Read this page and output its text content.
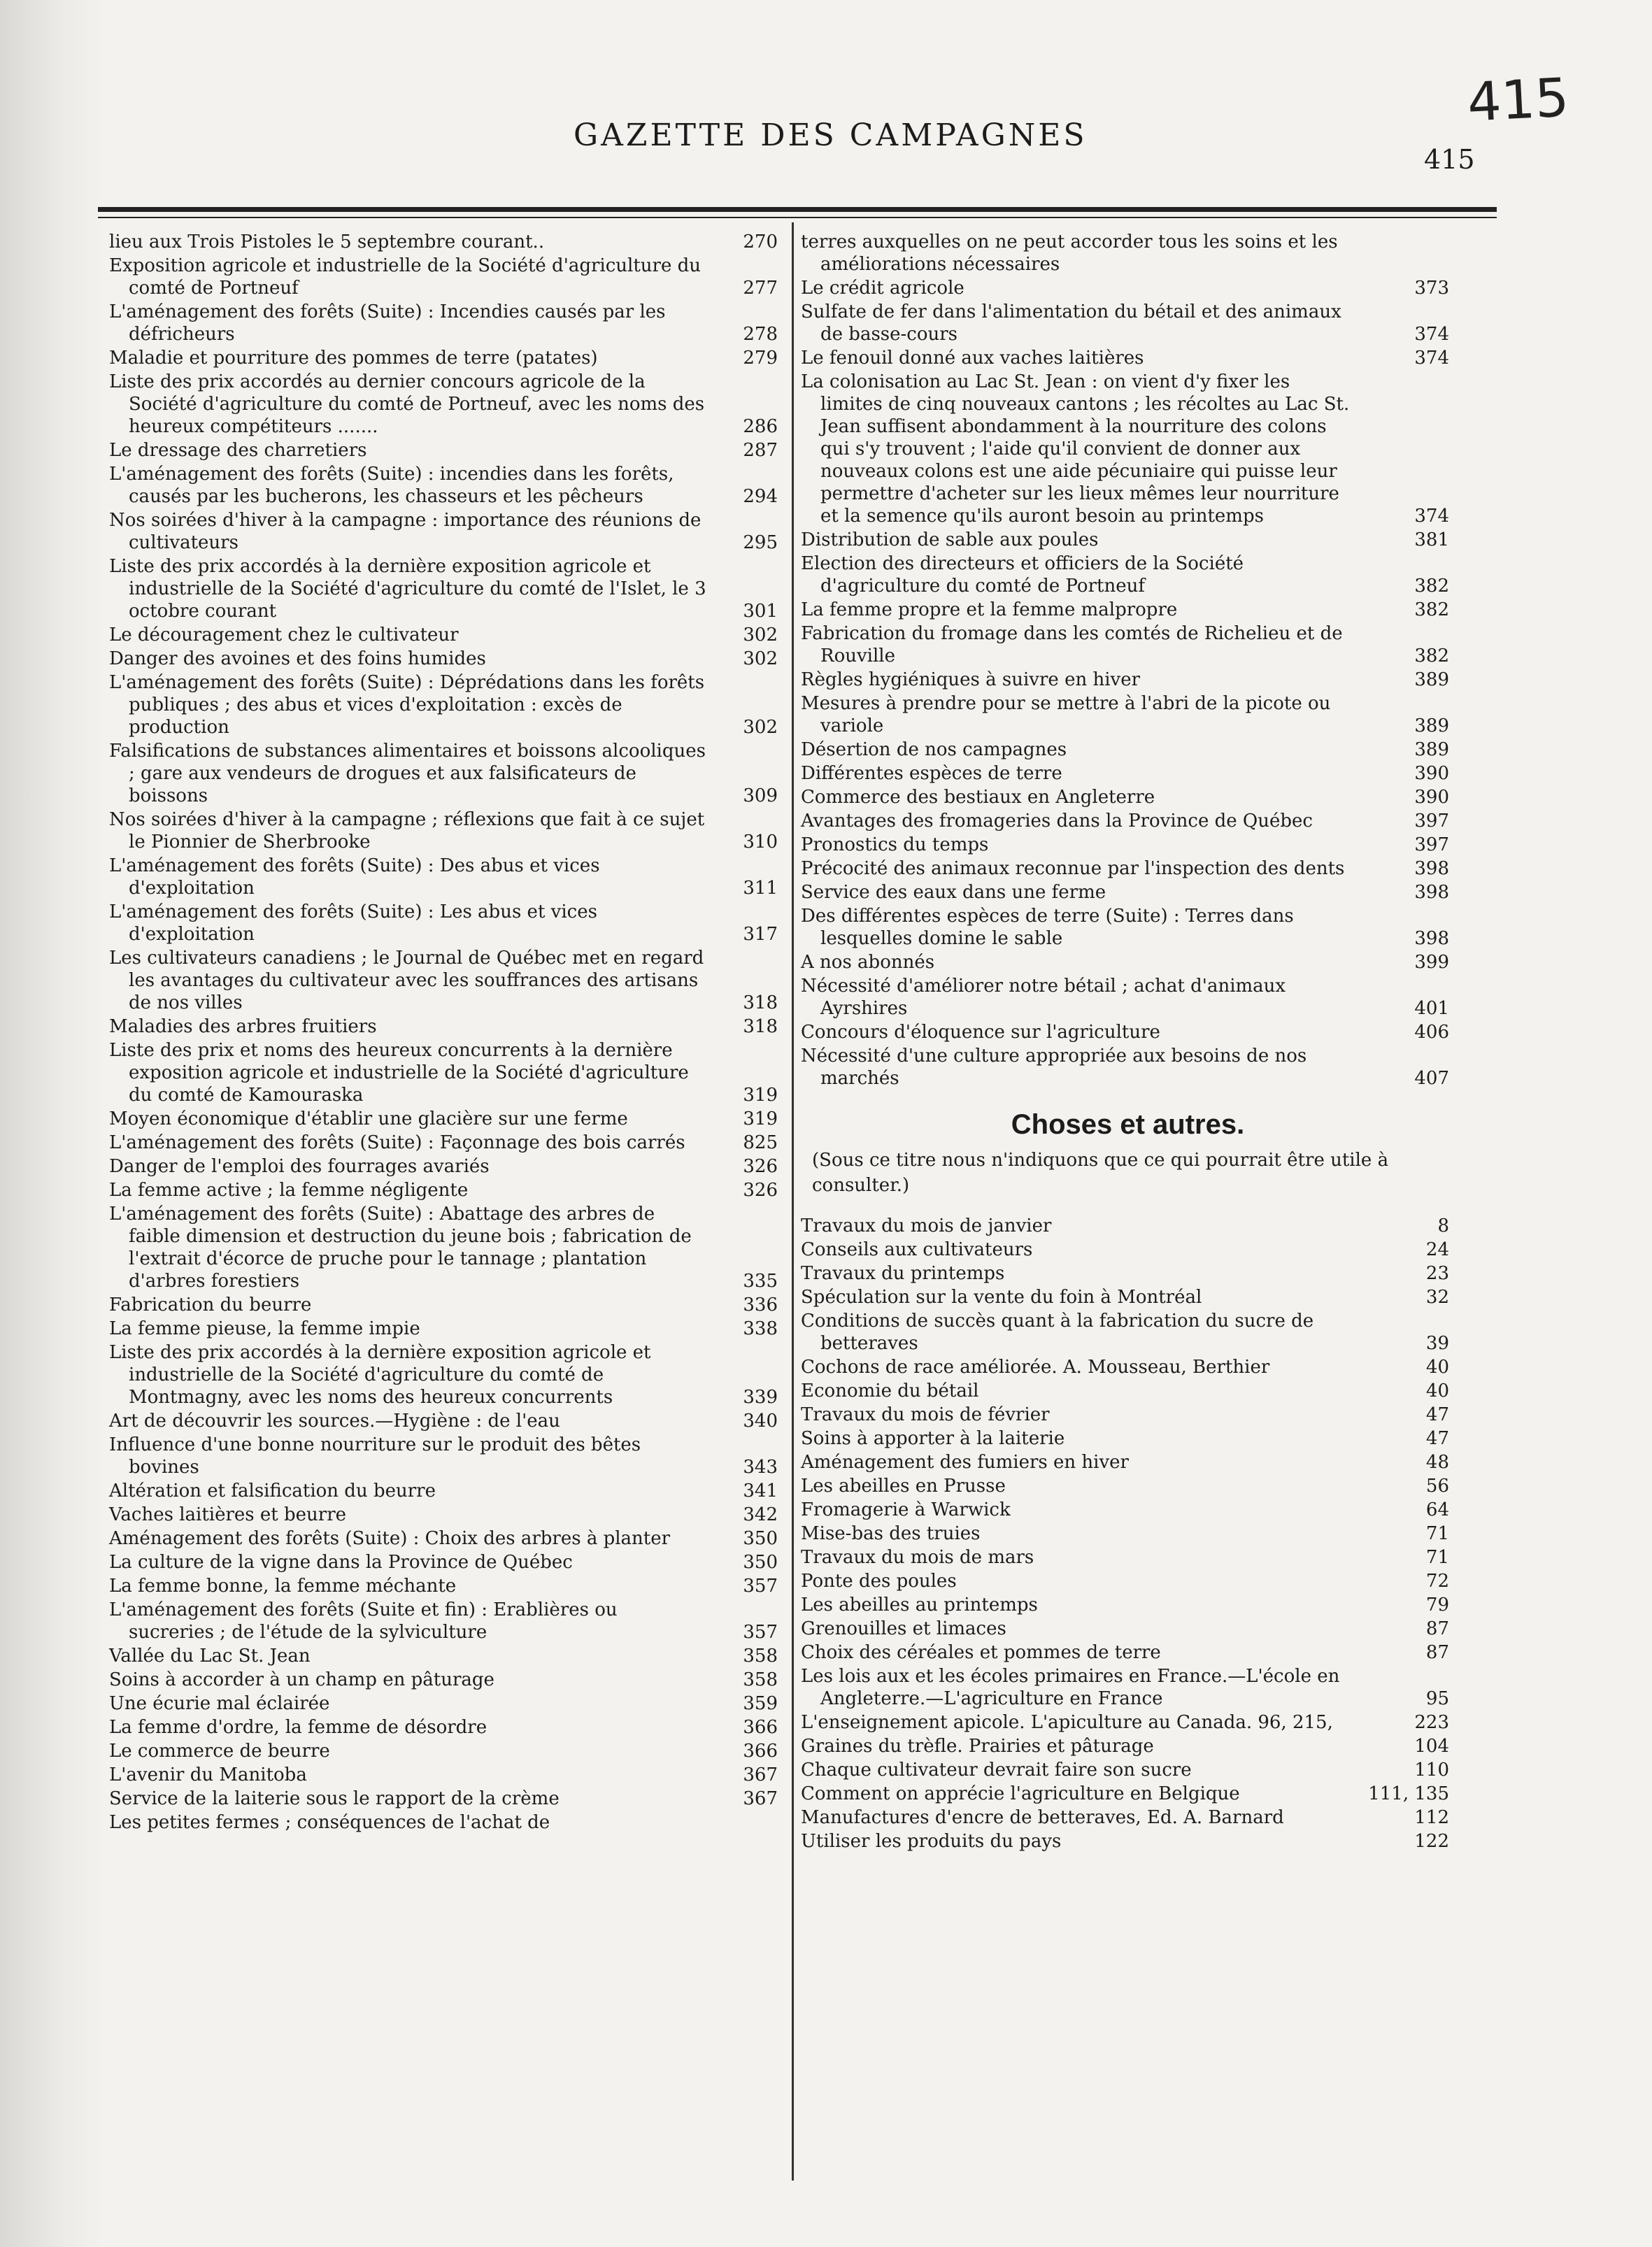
415
GAZETTE DES CAMPAGNES
415
lieu aux Trois Pistoles le 5 septembre courant..	270
Exposition agricole et industrielle de la Société d'agriculture du comté de Portneuf	277
L'aménagement des forêts (Suite) : Incendies causés par les défricheurs	278
Maladie et pourriture des pommes de terre (patates)	279
Liste des prix accordés au dernier concours agricole de la Société d'agriculture du comté de Portneuf, avec les noms des heureux compétiteurs .......	286
Le dressage des charretiers	287
L'aménagement des forêts (Suite) : incendies dans les forêts, causés par les bucherons, les chasseurs et les pêcheurs	294
Nos soirées d'hiver à la campagne : importance des réunions de cultivateurs	295
Liste des prix accordés à la dernière exposition agricole et industrielle de la Société d'agriculture du comté de l'Islet, le 3 octobre courant	301
Le découragement chez le cultivateur	302
Danger des avoines et des foins humides	302
L'aménagement des forêts (Suite) : Déprédations dans les forêts publiques ; des abus et vices d'exploitation : excès de production	302
Falsifications de substances alimentaires et boissons alcooliques ; gare aux vendeurs de drogues et aux falsificateurs de boissons	309
Nos soirées d'hiver à la campagne ; réflexions que fait à ce sujet le Pionnier de Sherbrooke	310
L'aménagement des forêts (Suite) : Des abus et vices d'exploitation	311
L'aménagement des forêts (Suite) : Les abus et vices d'exploitation	317
Les cultivateurs canadiens ; le Journal de Québec met en regard les avantages du cultivateur avec les souffrances des artisans de nos villes	318
Maladies des arbres fruitiers	318
Liste des prix et noms des heureux concurrents à la dernière exposition agricole et industrielle de la Société d'agriculture du comté de Kamouraska	319
Moyen économique d'établir une glacière sur une ferme	319
L'aménagement des forêts (Suite) : Façonnage des bois carrés	825
Danger de l'emploi des fourrages avariés	326
La femme active ; la femme négligente	326
L'aménagement des forêts (Suite) : Abattage des arbres de faible dimension et destruction du jeune bois ; fabrication de l'extrait d'écorce de pruche pour le tannage ; plantation d'arbres forestiers	335
Fabrication du beurre	336
La femme pieuse, la femme impie	338
Liste des prix accordés à la dernière exposition agricole et industrielle de la Société d'agriculture du comté de Montmagny, avec les noms des heureux concurrents	339
Art de découvrir les sources.—Hygiène : de l'eau	340
Influence d'une bonne nourriture sur le produit des bêtes bovines	343
Altération et falsification du beurre	341
Vaches laitières et beurre	342
Aménagement des forêts (Suite) : Choix des arbres à planter	350
La culture de la vigne dans la Province de Québec	350
La femme bonne, la femme méchante	357
L'aménagement des forêts (Suite et fin) : Erablières ou sucreries ; de l'étude de la sylviculture	357
Vallée du Lac St. Jean	358
Soins à accorder à un champ en pâturage	358
Une écurie mal éclairée	359
La femme d'ordre, la femme de désordre	366
Le commerce de beurre	366
L'avenir du Manitoba	367
Service de la laiterie sous le rapport de la crème	367
Les petites fermes ; conséquences de l'achat de
terres auxquelles on ne peut accorder tous les soins et les améliorations nécessaires
Le crédit agricole	373
Sulfate de fer dans l'alimentation du bétail et des animaux de basse-cours	374
Le fenouil donné aux vaches laitières	374
La colonisation au Lac St. Jean : on vient d'y fixer les limites de cinq nouveaux cantons ; les récoltes au Lac St. Jean suffisent abondamment à la nourriture des colons qui s'y trouvent ; l'aide qu'il convient de donner aux nouveaux colons est une aide pécuniaire qui puisse leur permettre d'acheter sur les lieux mêmes leur nourriture et la semence qu'ils auront besoin au printemps	374
Distribution de sable aux poules	381
Election des directeurs et officiers de la Société d'agriculture du comté de Portneuf	382
La femme propre et la femme malpropre	382
Fabrication du fromage dans les comtés de Richelieu et de Rouville	382
Règles hygiéniques à suivre en hiver	389
Mesures à prendre pour se mettre à l'abri de la picote ou variole	389
Désertion de nos campagnes	389
Différentes espèces de terre	390
Commerce des bestiaux en Angleterre	390
Avantages des fromageries dans la Province de Québec	397
Pronostics du temps	397
Précocité des animaux reconnue par l'inspection des dents	398
Service des eaux dans une ferme	398
Des différentes espèces de terre (Suite) : Terres dans lesquelles domine le sable	398
A nos abonnés	399
Nécessité d'améliorer notre bétail ; achat d'animaux Ayrshires	401
Concours d'éloquence sur l'agriculture	406
Nécessité d'une culture appropriée aux besoins de nos marchés	407
Choses et autres.
(Sous ce titre nous n'indiquons que ce qui pourrait être utile à consulter.)
Travaux du mois de janvier	8
Conseils aux cultivateurs	24
Travaux du printemps	23
Spéculation sur la vente du foin à Montréal	32
Conditions de succès quant à la fabrication du sucre de betteraves	39
Cochons de race améliorée. A. Mousseau, Berthier	40
Economie du bétail	40
Travaux du mois de février	47
Soins à apporter à la laiterie	47
Aménagement des fumiers en hiver	48
Les abeilles en Prusse	56
Fromagerie à Warwick	64
Mise-bas des truies	71
Travaux du mois de mars	71
Ponte des poules	72
Les abeilles au printemps	79
Grenouilles et limaces	87
Choix des céréales et pommes de terre	87
Les lois aux et les écoles primaires en France.—L'école en Angleterre.—L'agriculture en France	95
L'enseignement apicole. L'apiculture au Canada. 96, 215,	223
Graines du trèfle. Prairies et pâturage	104
Chaque cultivateur devrait faire son sucre	110
Comment on apprécie l'agriculture en Belgique	111, 135
Manufactures d'encre de betteraves, Ed. A. Barnard	112
Utiliser les produits du pays	122
